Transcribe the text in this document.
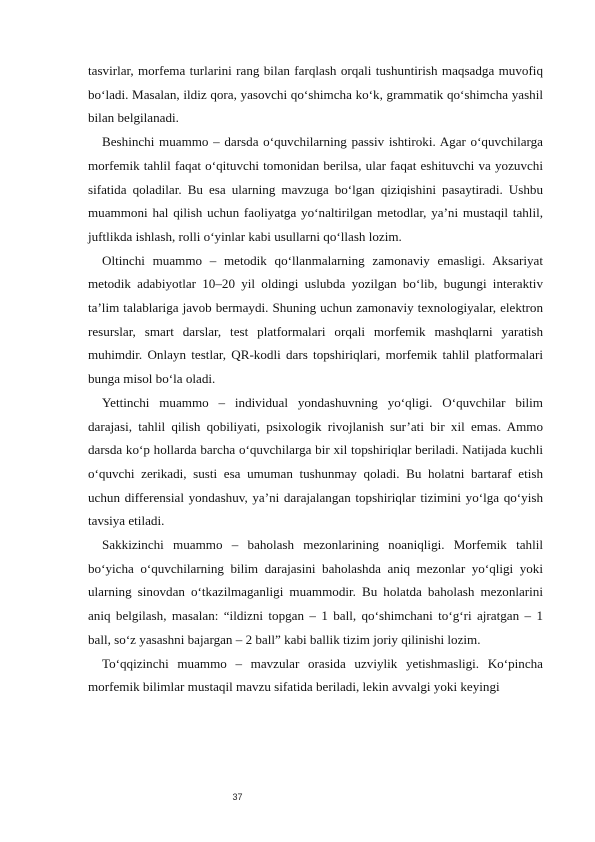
tasvirlar, morfema turlarini rang bilan farqlash orqali tushuntirish maqsadga muvofiq bo‘ladi. Masalan, ildiz qora, yasovchi qo‘shimcha ko‘k, grammatik qo‘shimcha yashil bilan belgilanadi.

Beshinchi muammo – darsda o‘quvchilarning passiv ishtiroki. Agar o‘quvchilarga morfemik tahlil faqat o‘qituvchi tomonidan berilsa, ular faqat eshituvchi va yozuvchi sifatida qoladilar. Bu esa ularning mavzuga bo‘lgan qiziqishini pasaytiradi. Ushbu muammoni hal qilish uchun faoliyatga yo‘naltirilgan metodlar, ya’ni mustaqil tahlil, juftlikda ishlash, rolli o‘yinlar kabi usullarni qo‘llash lozim.

Oltinchi muammo – metodik qo‘llanmalarning zamonaviy emasligi. Aksariyat metodik adabiyotlar 10–20 yil oldingi uslubda yozilgan bo‘lib, bugungi interaktiv ta’lim talablariga javob bermaydi. Shuning uchun zamonaviy texnologiyalar, elektron resurslar, smart darslar, test platformalari orqali morfemik mashqlarni yaratish muhimdir. Onlayn testlar, QR-kodli dars topshiriqlari, morfemik tahlil platformalari bunga misol bo‘la oladi.

Yettinchi muammo – individual yondashuvning yo‘qligi. O‘quvchilar bilim darajasi, tahlil qilish qobiliyati, psixologik rivojlanish sur’ati bir xil emas. Ammo darsda ko‘p hollarda barcha o‘quvchilarga bir xil topshiriqlar beriladi. Natijada kuchli o‘quvchi zerikadi, susti esa umuman tushunmay qoladi. Bu holatni bartaraf etish uchun differensial yondashuv, ya’ni darajalangan topshiriqlar tizimini yo‘lga qo‘yish tavsiya etiladi.

Sakkizinchi muammo – baholash mezonlarining noaniqligi. Morfemik tahlil bo‘yicha o‘quvchilarning bilim darajasini baholashda aniq mezonlar yo‘qligi yoki ularning sinovdan o‘tkazilmaganligi muammodir. Bu holatda baholash mezonlarini aniq belgilash, masalan: “ildizni topgan – 1 ball, qo‘shimchani to‘g‘ri ajratgan – 1 ball, so‘z yasashni bajargan – 2 ball” kabi ballik tizim joriy qilinishi lozim.

To‘qqizinchi muammo – mavzular orasida uzviylik yetishmasligi. Ko‘pincha morfemik bilimlar mustaqil mavzu sifatida beriladi, lekin avvalgi yoki keyingi

37
